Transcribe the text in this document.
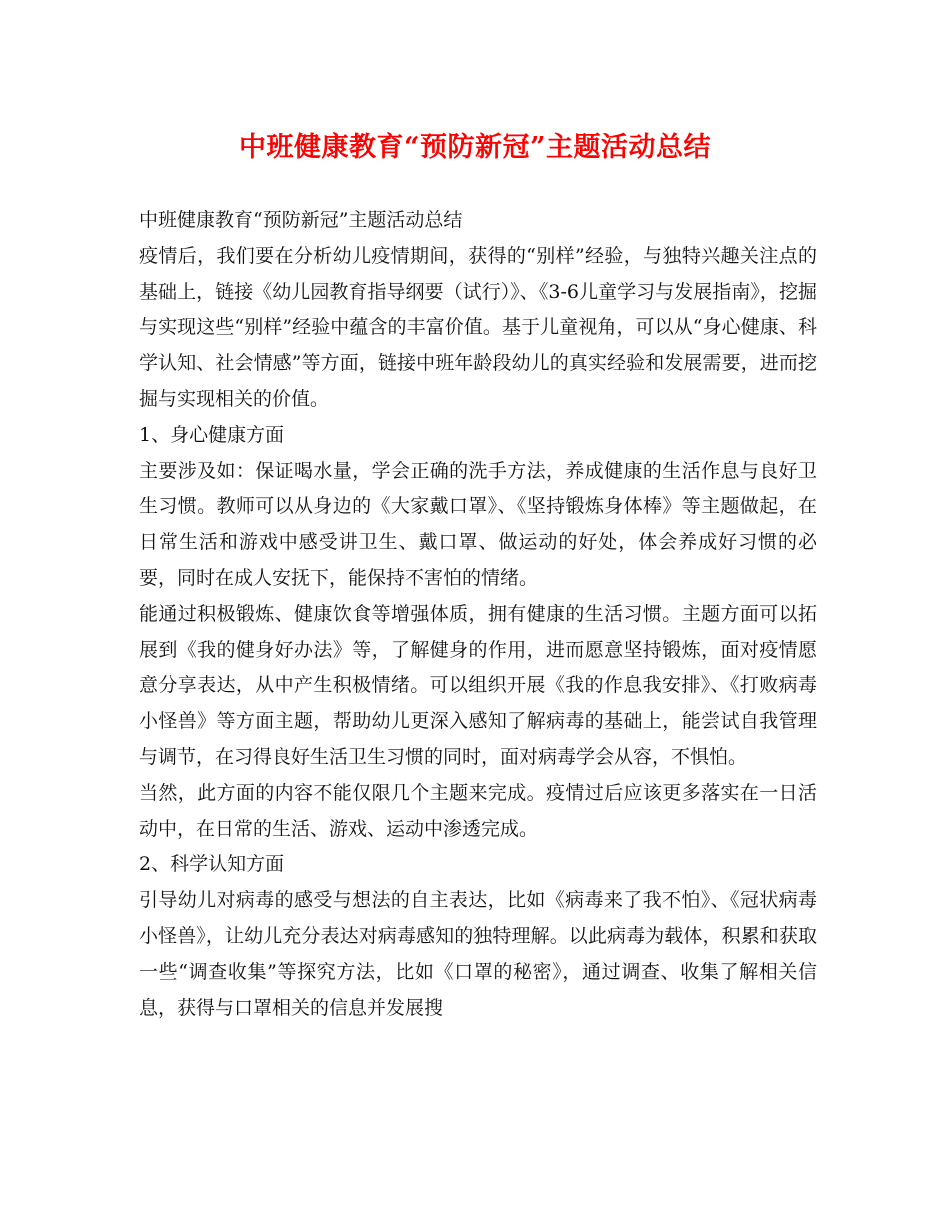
中班健康教育“预防新冠”主题活动总结

中班健康教育“预防新冠”主题活动总结

疫情后，我们要在分析幼儿疫情期间，获得的“别样”经验，与独特兴趣关注点的基础上，链接《幼儿园教育指导纲要（试行）》、《3-6儿童学习与发展指南》，挖掘与实现这些“别样”经验中蕴含的丰富价值。基于儿童视角，可以从“身心健康、科学认知、社会情感”等方面，链接中班年龄段幼儿的真实经验和发展需要，进而挖掘与实现相关的价值。

1、身心健康方面

主要涉及如：保证喝水量，学会正确的洗手方法，养成健康的生活作息与良好卫生习惯。教师可以从身边的《大家戴口罩》、《坚持锻炼身体棒》等主题做起，在日常生活和游戏中感受讲卫生、戴口罩、做运动的好处，体会养成好习惯的必要，同时在成人安抚下，能保持不害怕的情绪。

能通过积极锻炼、健康饮食等增强体质，拥有健康的生活习惯。主题方面可以拓展到《我的健身好办法》等，了解健身的作用，进而愿意坚持锻炼，面对疫情愿意分享表达，从中产生积极情绪。可以组织开展《我的作息我安排》、《打败病毒小怪兽》等方面主题，帮助幼儿更深入感知了解病毒的基础上，能尝试自我管理与调节，在习得良好生活卫生习惯的同时，面对病毒学会从容，不惧怕。

当然，此方面的内容不能仅限几个主题来完成。疫情过后应该更多落实在一日活动中，在日常的生活、游戏、运动中渗透完成。

2、科学认知方面

引导幼儿对病毒的感受与想法的自主表达，比如《病毒来了我不怕》、《冠状病毒小怪兽》，让幼儿充分表达对病毒感知的独特理解。以此病毒为载体，积累和获取一些“调查收集”等探究方法，比如《口罩的秘密》，通过调查、收集了解相关信息，获得与口罩相关的信息并发展搜
